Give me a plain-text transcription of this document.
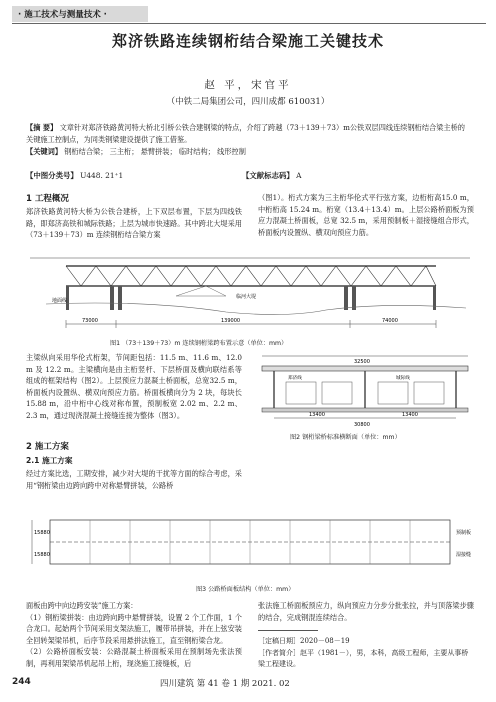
· 施工技术与测量技术 ·
郑济铁路连续钢桁结合梁施工关键技术
赵 平，宋官平
（中铁二局集团公司，四川成都 610031）
【摘 要】 文章针对郑济铁路黄河特大桥北引桥公铁合建钢梁的特点，介绍了跨越（73＋139＋73）m公铁双层四线连续钢桁结合梁主桥的关键施工控制点，为同类钢梁建设提供了施工借鉴。
【关键词】 钢桁结合梁； 三主桁； 悬臂拼装； 临时结构； 线形控制
【中图分类号】 U448. 21⁺1	【文献标志码】 A
1 工程概况
郑济铁路黄河特大桥为公铁合建桥，上下双层布置，下层为四线铁路，即郑济高铁和城际铁路；上层为城市快速路。其中跨北大堤采用（73＋139＋73）m 连续钢桁结合梁方案
（图1）。桁式方案为三主桁华伦式平行弦方案，边桁桁高15.0 m，中桁桁高 15.24 m。桁宽（13.4＋13.4）m。上层公路桥面板为预应力混凝土桥面板，总宽 32.5 m，采用预制板＋湿接缝组合形式，桥面板内设置纵、横双向预应力筋。
73000	139000	74000
临河大堤
地面线
图1 （73＋139＋73）m 连续钢桁梁跨布置示意（单位：mm）
主梁纵向采用华伦式桁架，节间距包括：11.5 m、11.6 m、12.0 m 及 12.2 m。主梁横向是由主桁竖杆、下层桥面及横向联结系等组成的框架结构（图2）。上层预应力混凝土桥面板，总宽32.5 m，桥面板内设置纵、横双向预应力筋。桥面板横向分为 2 块，每块长 15.88 m，沿中桁中心线对称布置，预制板宽 2.02 m、2.2 m、2.3 m，通过现浇混凝土接缝连接为整体（图3）。
32500
郑济线	城际线
13400	13400
30800
图2 钢桁梁桥标准横断面（单位：mm）
2 施工方案
2.1 施工方案
经过方案比选，工期安排，减少对大堤的干扰等方面的综合考虑，采用“钢桁梁由边跨向跨中对称悬臂拼装，公路桥
15880
15880
预制板
湿接缝
图3 公路桥面板结构（单位：mm）
面板由跨中向边跨安装”施工方案：
（1）钢桁梁拼装：由边跨向跨中悬臂拼装，设置 2 个工作面，1 个合龙口。起始两个节间采用支架法施工，履带吊拼装，并在上弦安装全回转架梁吊机，后序节段采用悬拼法施工，直至钢桁梁合龙。
（2）公路桥面板安装：公路混凝土桥面板采用在预制场先张法预制，再利用架梁吊机起吊上桁，现浇施工接缝板，后
张法施工桥面板预应力，纵向预应力分步分批张拉，并与顶落梁步骤的结合，完成钢混连续结合。
［定稿日期］2020－08－19
［作者简介］赵平（1981－），男，本科，高级工程师，主要从事桥梁工程建设。
244	四川建筑 第 41 卷 1 期 2021. 02
